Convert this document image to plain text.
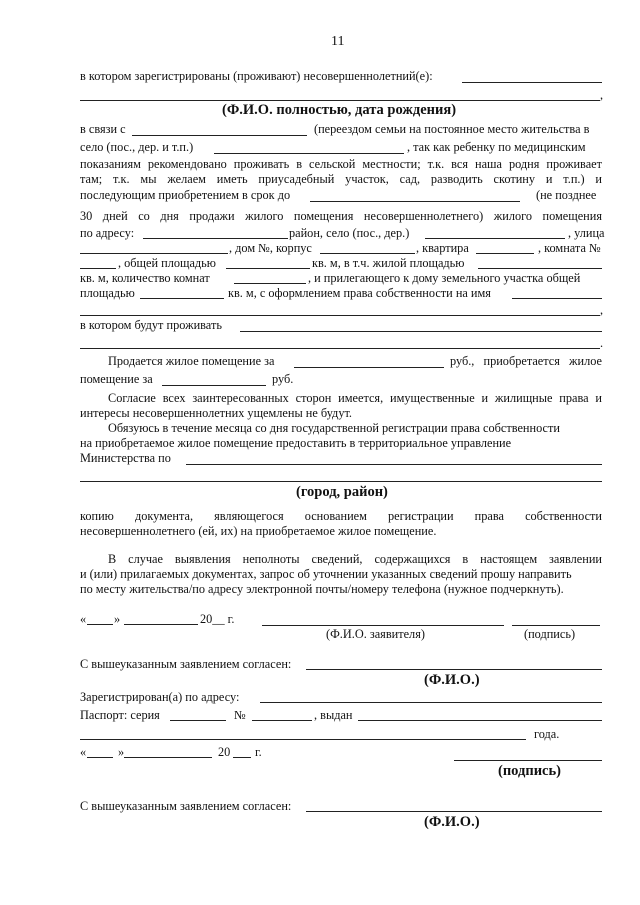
11
в котором зарегистрированы (проживают) несовершеннолетний(е):
,
(Ф.И.О. полностью, дата рождения)
в связи с	(переездом семьи на постоянное место жительства в
село (пос., дер. и т.п.)	, так как ребенку по медицинским
показаниям рекомендовано проживать в сельской местности; т.к. вся наша родня проживает
там; т.к. мы желаем иметь приусадебный участок, сад, разводить скотину и т.п.) и
последующим приобретением в срок до	(не позднее
30 дней со дня продажи жилого помещения несовершеннолетнего) жилого помещения
по адресу:	район, село (пос., дер.)	, улица
, дом №, корпус	, квартира	, комната №
, общей площадью	кв. м, в т.ч. жилой площадью
кв. м, количество комнат	, и прилегающего к дому земельного участка общей
площадью	кв. м, с оформлением права собственности на имя
,
в котором будут проживать
.
Продается жилое помещение за	руб., приобретается жилое
помещение за	руб.
Согласие всех заинтересованных сторон имеется, имущественные и жилищные права и
интересы несовершеннолетних ущемлены не будут.
Обязуюсь в течение месяца со дня государственной регистрации права собственности
на приобретаемое жилое помещение предоставить в территориальное управление
Министерства по
(город, район)
копию документа, являющегося основанием регистрации права собственности
несовершеннолетнего (ей, их) на приобретаемое жилое помещение.
В случае выявления неполноты сведений, содержащихся в настоящем заявлении
и (или) прилагаемых документах, запрос об уточнении указанных сведений прошу направить
по месту жительства/по адресу электронной почты/номеру телефона (нужное подчеркнуть).
« »	20__ г.
(Ф.И.О. заявителя)	(подпись)
С вышеуказанным заявлением согласен:
(Ф.И.О.)
Зарегистрирован(а) по адресу:
Паспорт: серия	№	, выдан
года.
«	»	20 г.
(подпись)
С вышеуказанным заявлением согласен:
(Ф.И.О.)
